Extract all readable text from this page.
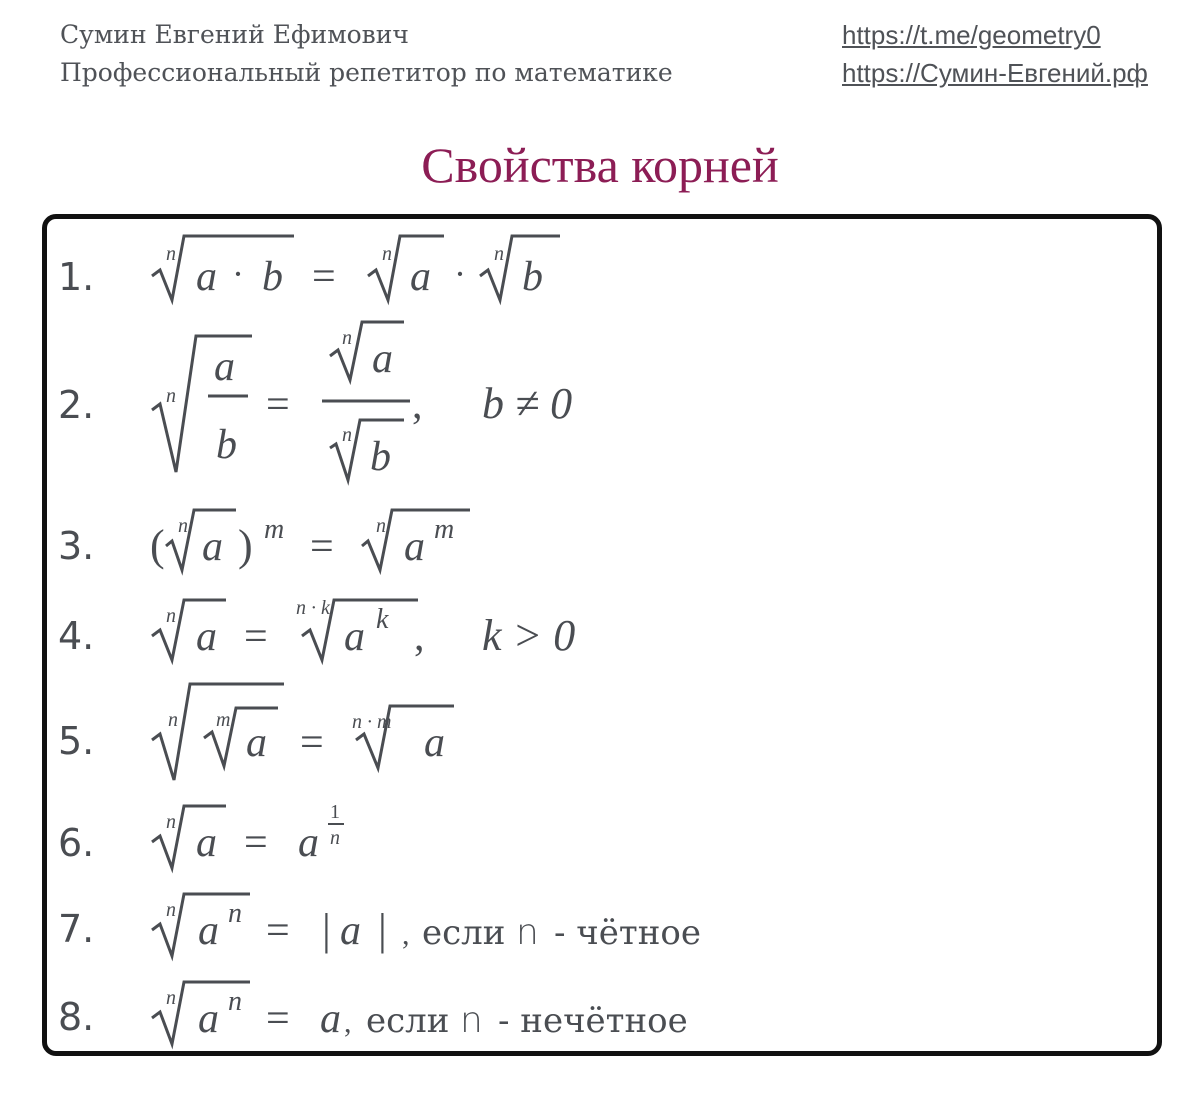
Сумин Евгений Ефимович
Профессиональный репетитор по математике
https://t.me/geometry0
https://Сумин-Евгений.рф
Свойства корней
1.
2.
3.
4.
5.
6.
7.
8.
n a · b = n a · n b
n
a
b
=
n a
n b
, b ≠ 0
( n a ) m = n a m
n a =
n · k
a k , k > 0
n m a = n · m a
n a = a
1
n
n a n = | a | , если n - чётное
n a n = a , если n - нечётное
